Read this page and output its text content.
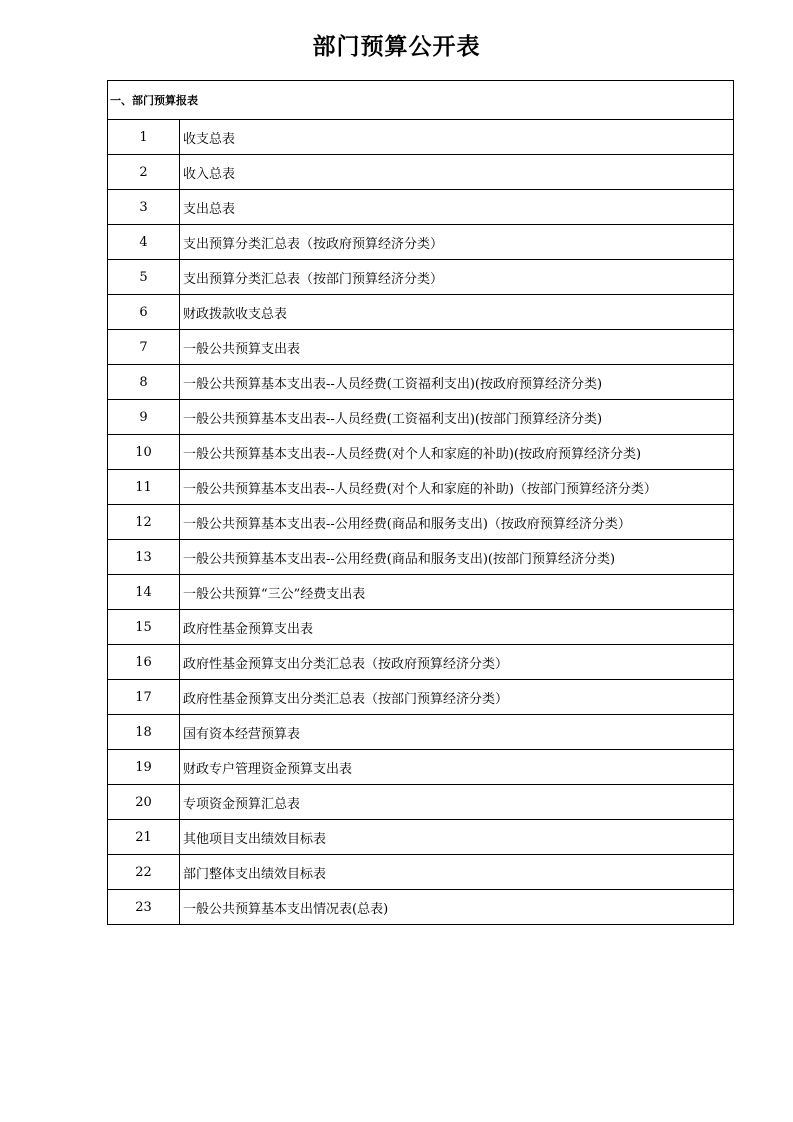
部门预算公开表
一、部门预算报表	
1	收支总表
2	收入总表
3	支出总表
4	支出预算分类汇总表（按政府预算经济分类）
5	支出预算分类汇总表（按部门预算经济分类）
6	财政拨款收支总表
7	一般公共预算支出表
8	一般公共预算基本支出表--人员经费(工资福利支出)(按政府预算经济分类)
9	一般公共预算基本支出表--人员经费(工资福利支出)(按部门预算经济分类)
10	一般公共预算基本支出表--人员经费(对个人和家庭的补助)(按政府预算经济分类)
11	一般公共预算基本支出表--人员经费(对个人和家庭的补助)（按部门预算经济分类）
12	一般公共预算基本支出表--公用经费(商品和服务支出)（按政府预算经济分类）
13	一般公共预算基本支出表--公用经费(商品和服务支出)(按部门预算经济分类)
14	一般公共预算“三公”经费支出表
15	政府性基金预算支出表
16	政府性基金预算支出分类汇总表（按政府预算经济分类）
17	政府性基金预算支出分类汇总表（按部门预算经济分类）
18	国有资本经营预算表
19	财政专户管理资金预算支出表
20	专项资金预算汇总表
21	其他项目支出绩效目标表
22	部门整体支出绩效目标表
23	一般公共预算基本支出情况表(总表)
